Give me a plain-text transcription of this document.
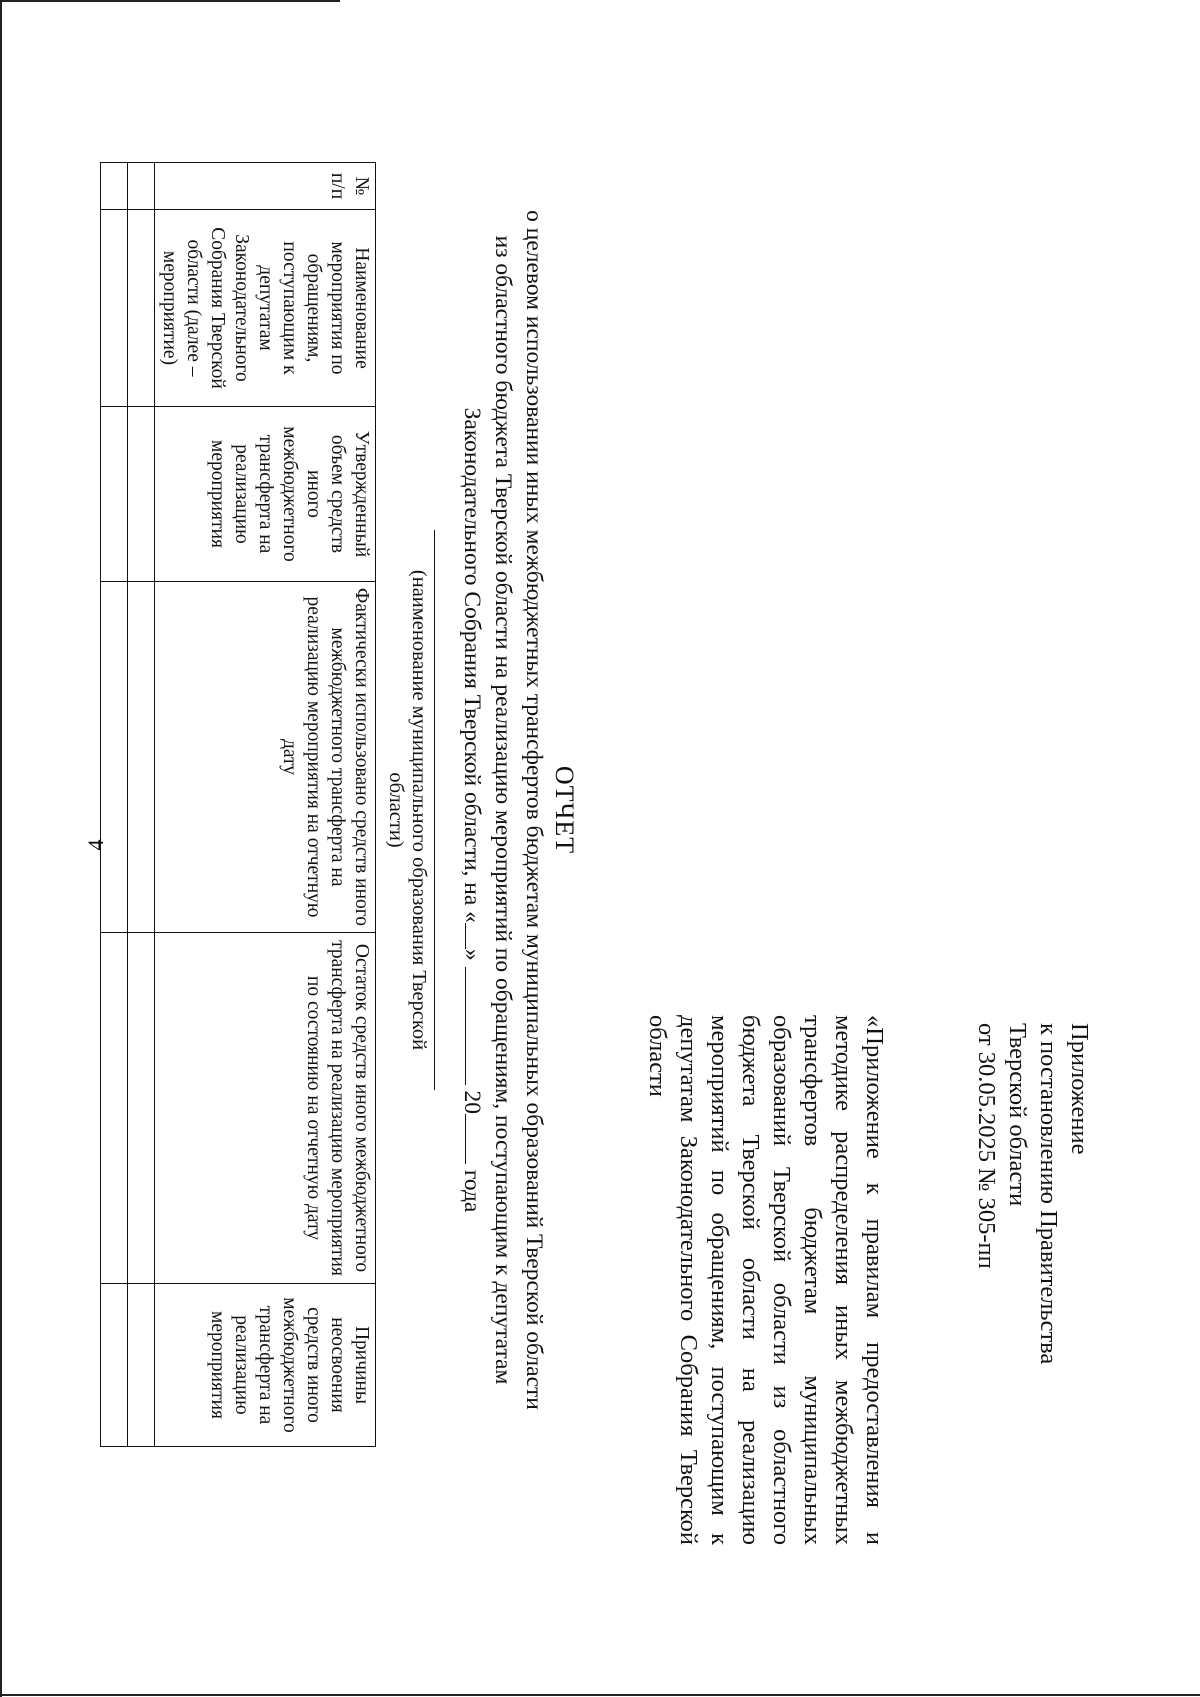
4
Приложение
к постановлению Правительства
Тверской области
от 30.05.2025 № 305-пп
«Приложение к правилам предоставления и методике распределения иных межбюджетных трансфертов бюджетам муниципальных образований Тверской области из областного бюджета Тверской области на реализацию мероприятий по обращениям, поступающим к депутатам Законодательного Собрания Тверской области
ОТЧЕТ
о целевом использовании иных межбюджетных трансфертов бюджетам муниципальных образований Тверской области
из областного бюджета Тверской области на реализацию мероприятий по обращениям, поступающим к депутатам
Законодательного Собрания Тверской области, на «»  20 года
(наименование муниципального образования Тверской области)
№ п/п	Наименование мероприятия по обращениям, поступающим к депутатам Законодательного Собрания Тверской области (далее – мероприятие)	Утвержденный объем средств иного межбюджетного трансферта на реализацию мероприятия	Фактически использовано средств иного межбюджетного трансферта на реализацию мероприятия на отчетную дату	Остаток средств иного межбюджетного трансферта на реализацию мероприятия по состоянию на отчетную дату	Причины неосвоения средств иного межбюджетного трансферта на реализацию мероприятия
